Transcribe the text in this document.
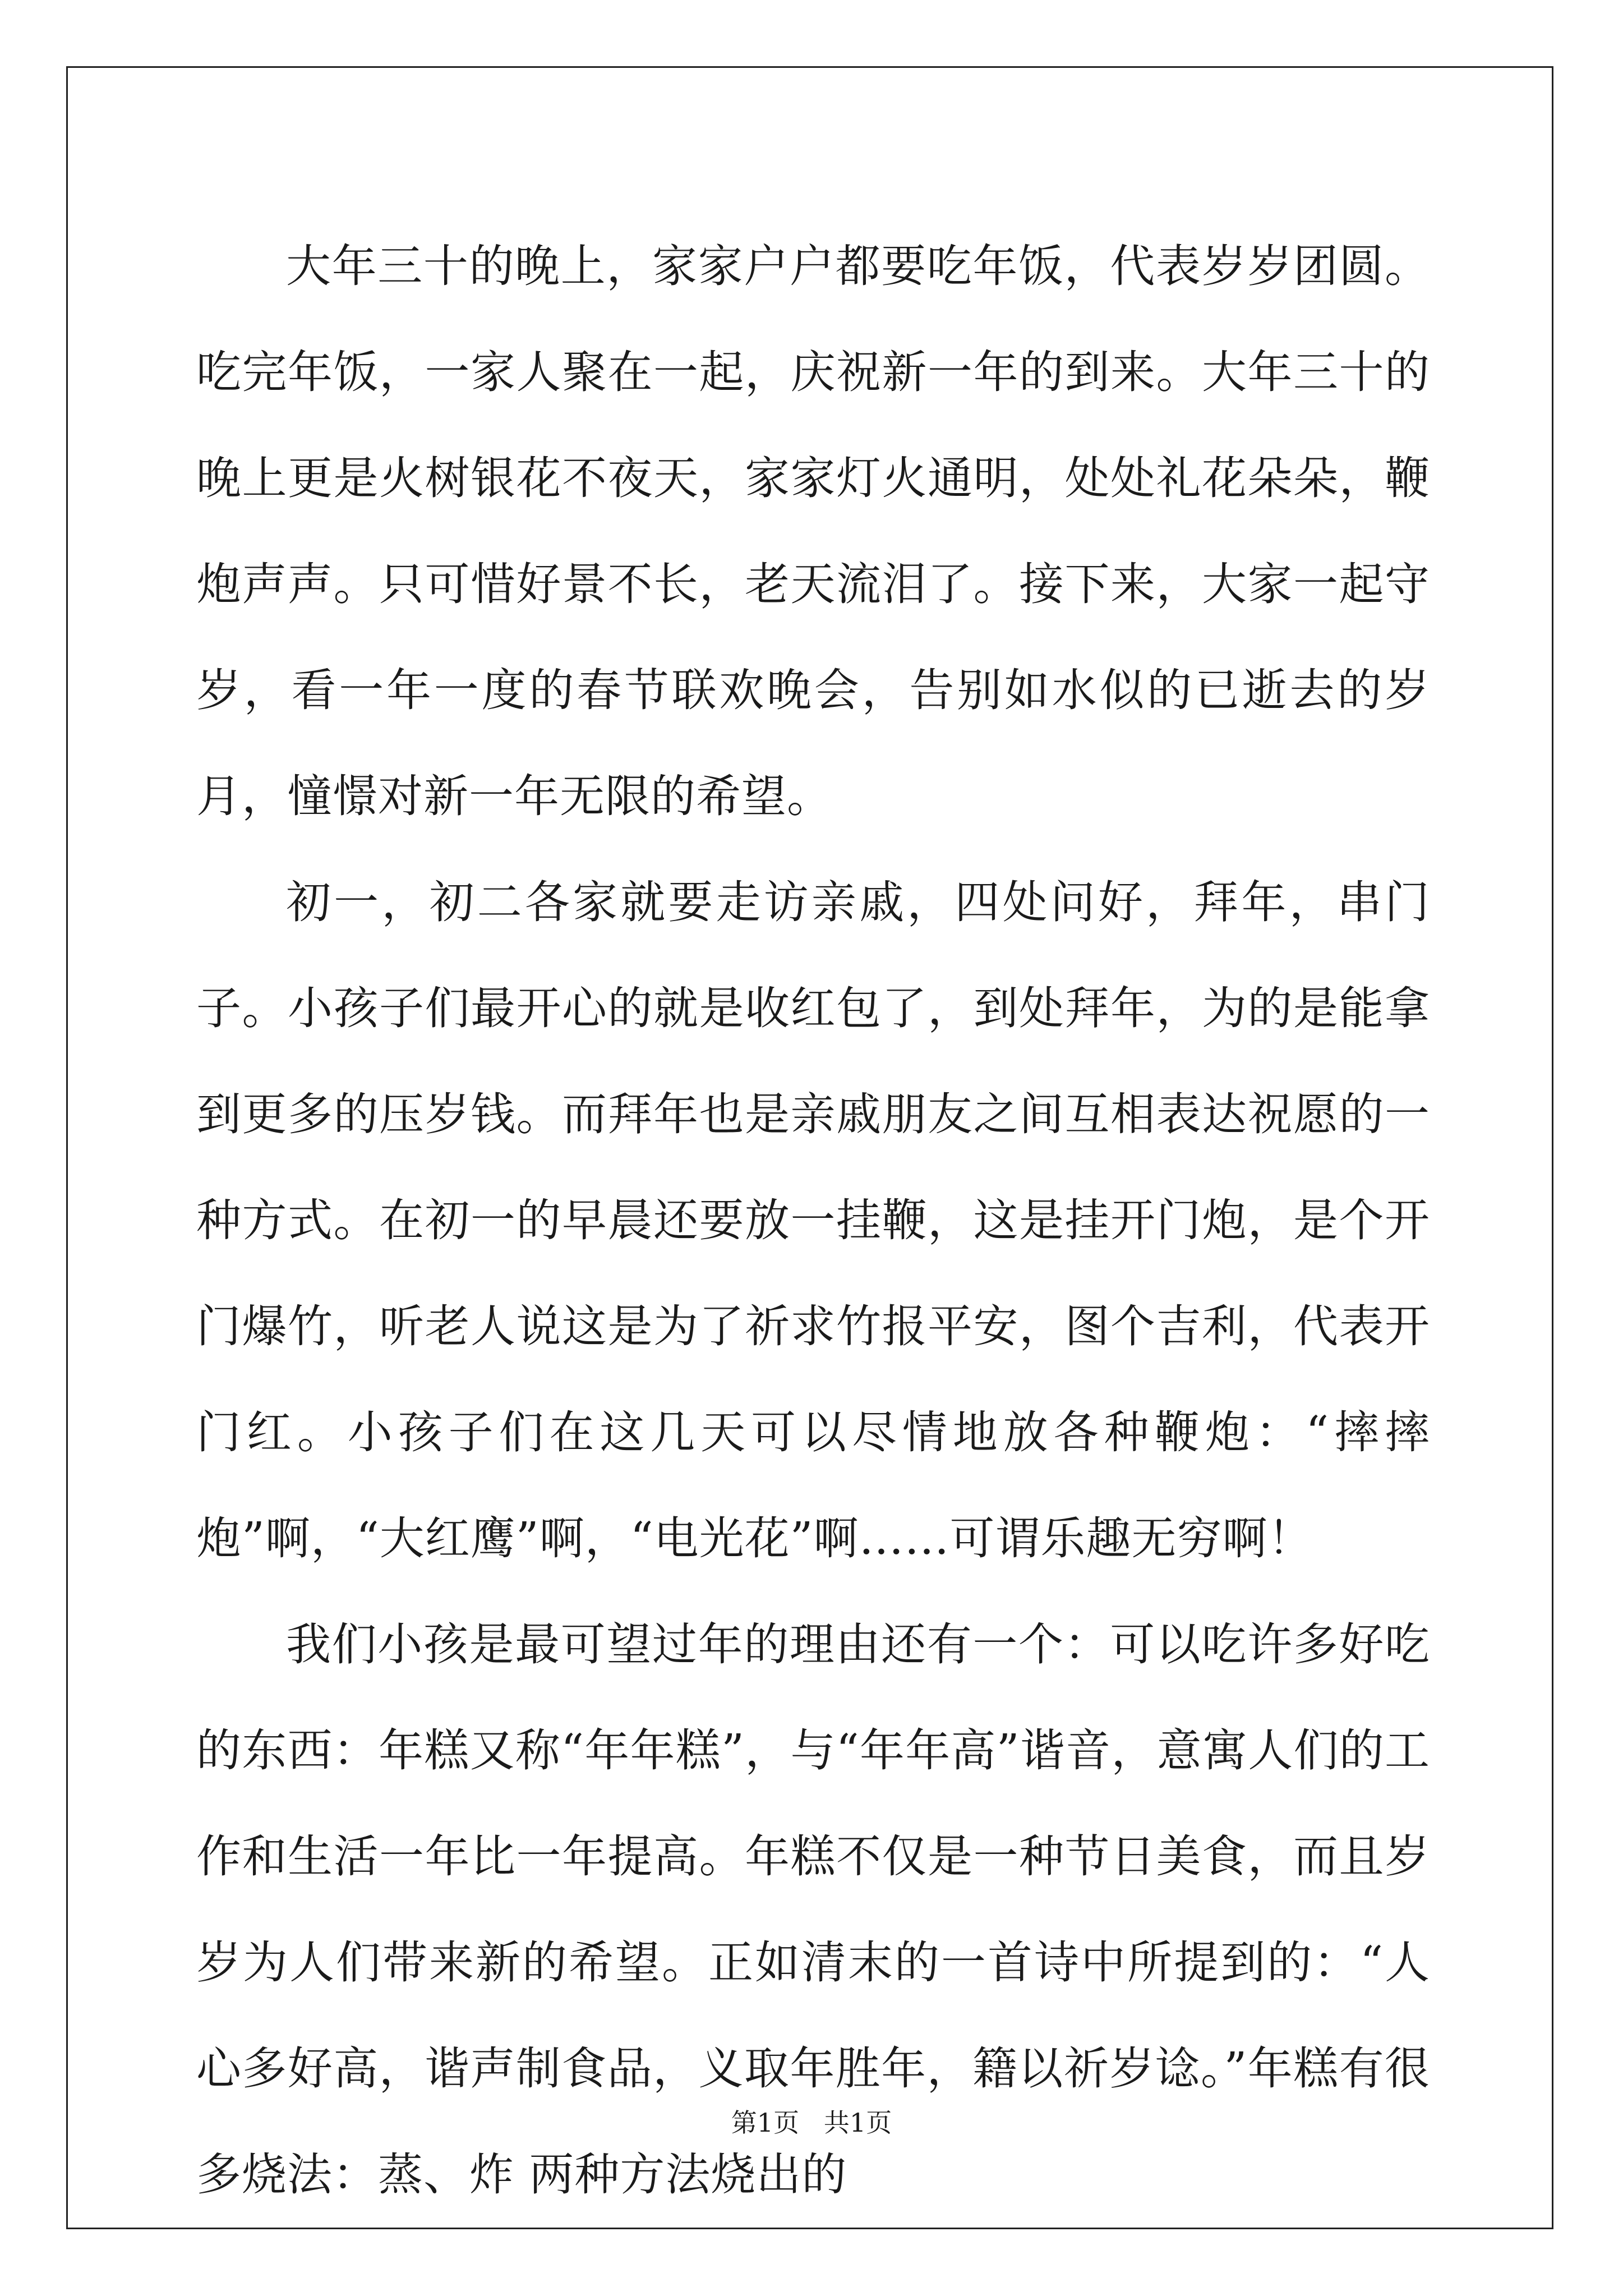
大年三十的晚上，家家户户都要吃年饭，代表岁岁团圆。吃完年饭，一家人聚在一起，庆祝新一年的到来。大年三十的晚上更是火树银花不夜天，家家灯火通明，处处礼花朵朵，鞭炮声声。只可惜好景不长，老天流泪了。接下来，大家一起守岁，看一年一度的春节联欢晚会，告别如水似的已逝去的岁月，憧憬对新一年无限的希望。

初一，初二各家就要走访亲戚，四处问好，拜年，串门子。小孩子们最开心的就是收红包了，到处拜年，为的是能拿到更多的压岁钱。而拜年也是亲戚朋友之间互相表达祝愿的一种方式。在初一的早晨还要放一挂鞭，这是挂开门炮，是个开门爆竹，听老人说这是为了祈求竹报平安，图个吉利，代表开门红。小孩子们在这几天可以尽情地放各种鞭炮：“摔摔炮”啊，“大红鹰”啊，“电光花”啊……可谓乐趣无穷啊！

我们小孩是最可望过年的理由还有一个：可以吃许多好吃的东西：年糕又称“年年糕”，与“年年高”谐音，意寓人们的工作和生活一年比一年提高。年糕不仅是一种节日美食，而且岁岁为人们带来新的希望。正如清末的一首诗中所提到的：“人心多好高，谐声制食品，义取年胜年，籍以祈岁谂。”年糕有很多烧法：蒸、炸 两种方法烧出的

第1页   共1页
